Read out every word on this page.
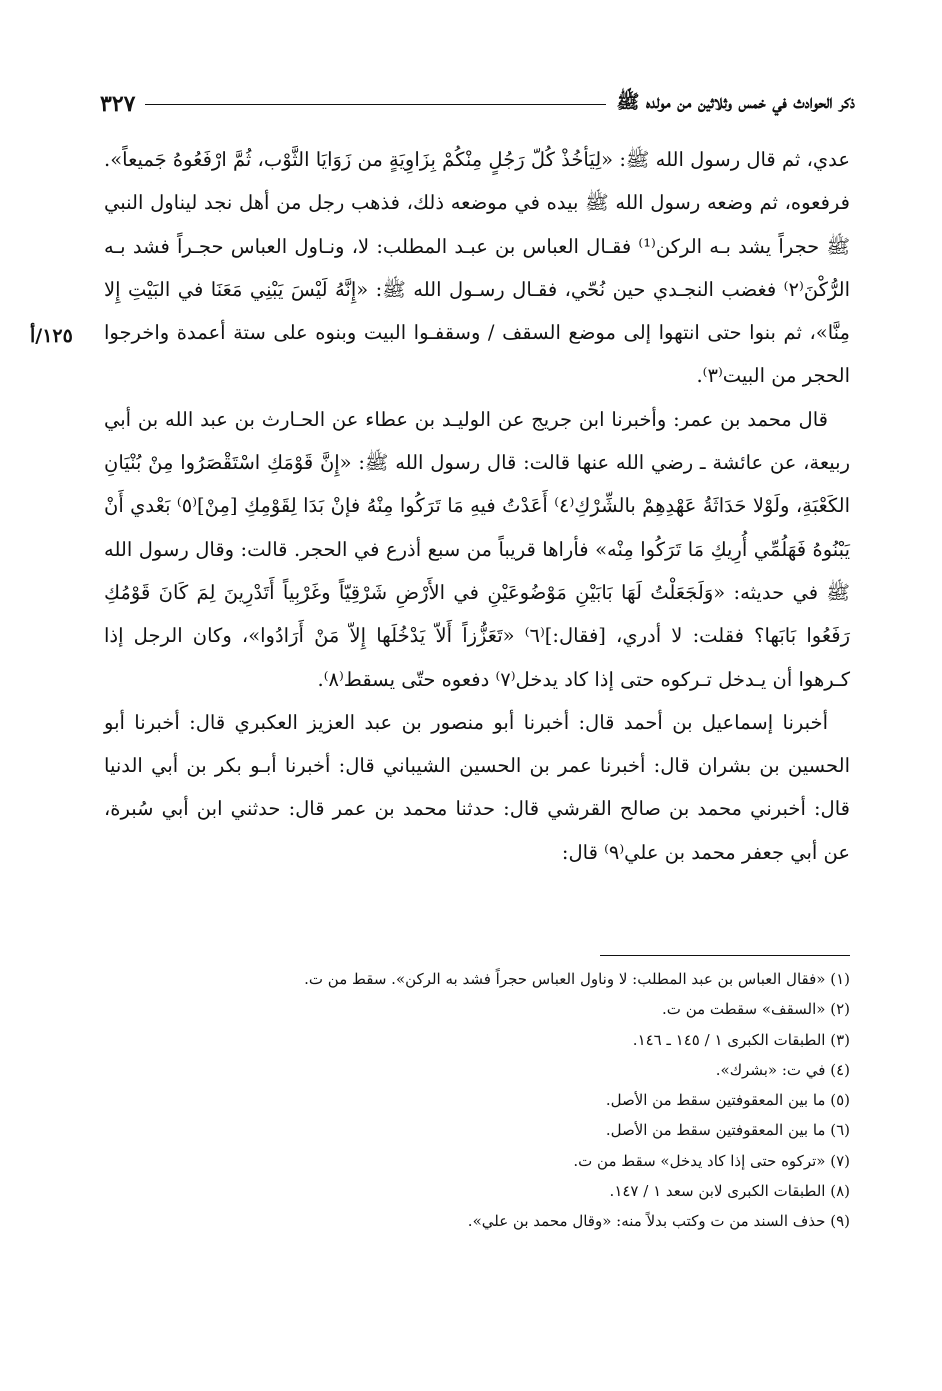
ذكر الحوادث في خمس وثلاثين من مولده ﷺ
٣٢٧
١٢٥/أ

عدي، ثم قال رسول الله ﷺ: «لِيَأخُذْ كُلّ رَجُلٍ مِنْكُمْ بِزَاوِيَةٍ من زَوَايَا الثَّوْب، ثُمَّ ارْفَعُوهُ جَميعاً». فرفعوه، ثم وضعه رسول الله ﷺ بيده في موضعه ذلك، فذهب رجل من أهل نجد ليناول النبي ﷺ حجراً يشد بـه الركن⁽¹⁾ فقـال العباس بن عبـد المطلب: لا، ونـاول العباس حجـراً فشد بـه الرُّكْنَ⁽٢⁾ فغضب النجـدي حين نُحّي، فقـال رسـول الله ﷺ: «إِنَّهُ لَيْسَ يَبْنِي مَعَنَا في البَيْتِ إِلا مِنَّا»، ثم بنوا حتى انتهوا إلى موضع السقف / وسقفـوا البيت وبنوه على ستة أعمدة واخرجوا الحجر من البيت⁽٣⁾.

قال محمد بن عمر: وأخبرنا ابن جريج عن الوليـد بن عطاء عن الحـارث بن عبد الله بن أبي ربيعة، عن عائشة ـ رضي الله عنها قالت: قال رسول الله ﷺ: «إِنَّ قَوْمَكِ اسْتَقْصَرُوا مِنْ بُنْيَانِ الكَعْبَةِ، ولَوْلا حَدَاثَةُ عَهْدِهِمْ بالشِّرْكِ⁽٤⁾ أَعَدْتُ فيهِ مَا تَرَكُوا مِنْهُ فإنْ بَدَا لِقَوْمِكِ [مِنْ]⁽٥⁾ بَعْدي أَنْ يَبْنُوهُ فَهَلُمِّي أُرِيكِ مَا تَرَكُوا مِنْه» فأراها قريباً من سبع أذرع في الحجر. قالت: وقال رسول الله ﷺ في حديثه: «وَلَجَعَلْتُ لَهَا بَابَيْنِ مَوْضُوعَيْنِ في الأَرْضِ شَرْقِيّاً وغَرْبِياً أَتَدْرِينَ لِمَ كَانَ قَوْمُكِ رَفَعُوا بَابَها؟ فقلت: لا أدري، [فقال:]⁽٦⁾ «تَعَزُّزاً أَلاّ يَدْخُلَها إِلاّ مَنْ أَرَادُوا»، وكان الرجل إذا كـرهوا أن يـدخل تـركوه حتى إذا كاد يدخل⁽٧⁾ دفعوه حتّى يسقط⁽٨⁾.

أخبرنا إسماعيل بن أحمد قال: أخبرنا أبو منصور بن عبد العزيز العكبري قال: أخبرنا أبو الحسين بن بشران قال: أخبرنا عمر بن الحسين الشيباني قال: أخبرنا أبـو بكر بن أبي الدنيا قال: أخبرني محمد بن صالح القرشي قال: حدثنا محمد بن عمر قال: حدثني ابن أبي سُبرة، عن أبي جعفر محمد بن علي⁽٩⁾ قال:

(١) «فقال العباس بن عبد المطلب: لا وناول العباس حجراً فشد به الركن». سقط من ت.

(٢) «السقف» سقطت من ت.

(٣) الطبقات الكبرى ١ / ١٤٥ ـ ١٤٦.

(٤) في ت: «بشرك».

(٥) ما بين المعقوفتين سقط من الأصل.

(٦) ما بين المعقوفتين سقط من الأصل.

(٧) «تركوه حتى إذا كاد يدخل» سقط من ت.

(٨) الطبقات الكبرى لابن سعد ١ / ١٤٧.

(٩) حذف السند من ت وكتب بدلاً منه: «وقال محمد بن علي».
